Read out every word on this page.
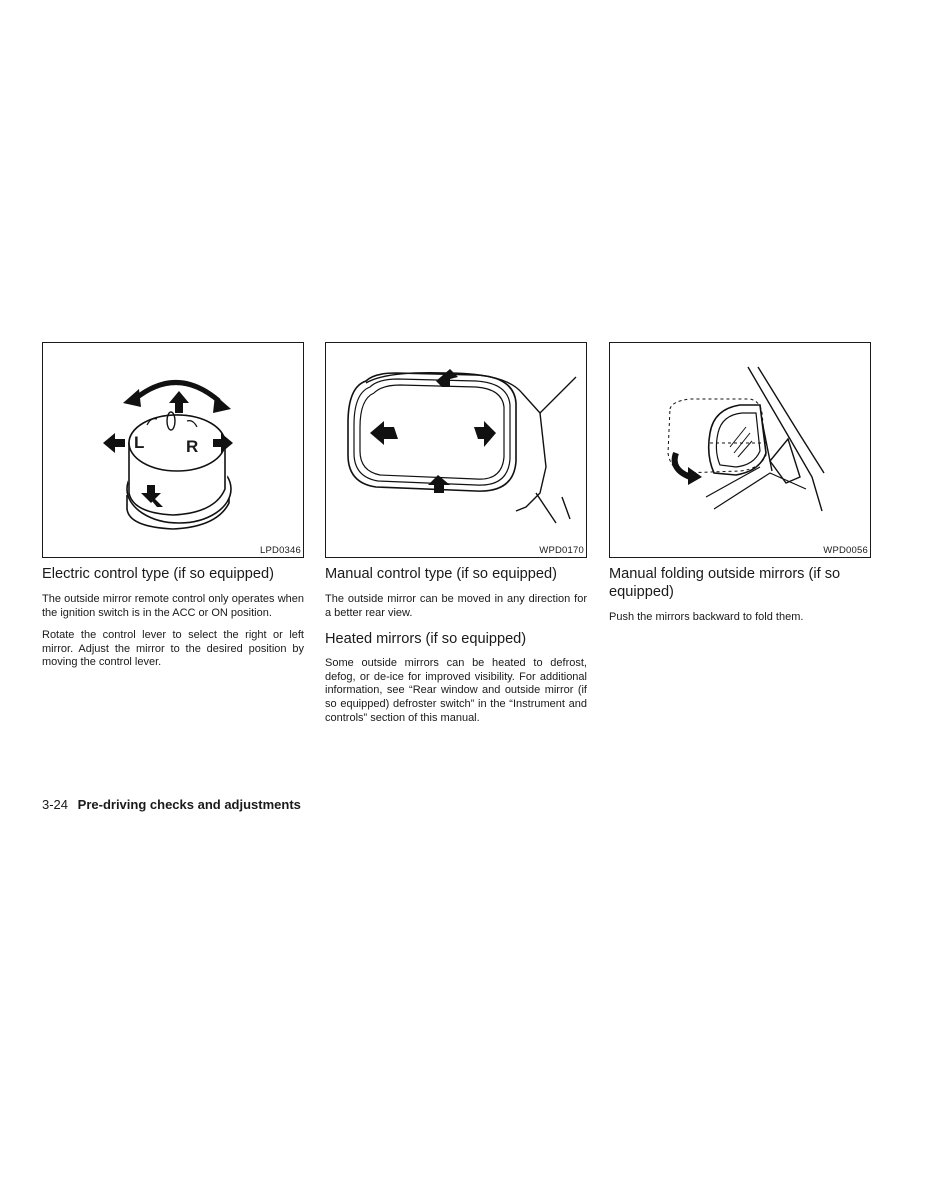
L R
LPD0346
Electric control type (if so equipped)

The outside mirror remote control only operates when the ignition switch is in the ACC or ON position.

Rotate the control lever to select the right or left mirror. Adjust the mirror to the desired position by moving the control lever.

WPD0170
Manual control type (if so equipped)

The outside mirror can be moved in any direction for a better rear view.

Heated mirrors (if so equipped)

Some outside mirrors can be heated to defrost, defog, or de-ice for improved visibility. For additional information, see “Rear window and outside mirror (if so equipped) defroster switch” in the “Instrument and controls” section of this manual.

WPD0056
Manual folding outside mirrors (if so equipped)

Push the mirrors backward to fold them.

3-24 Pre-driving checks and adjustments
